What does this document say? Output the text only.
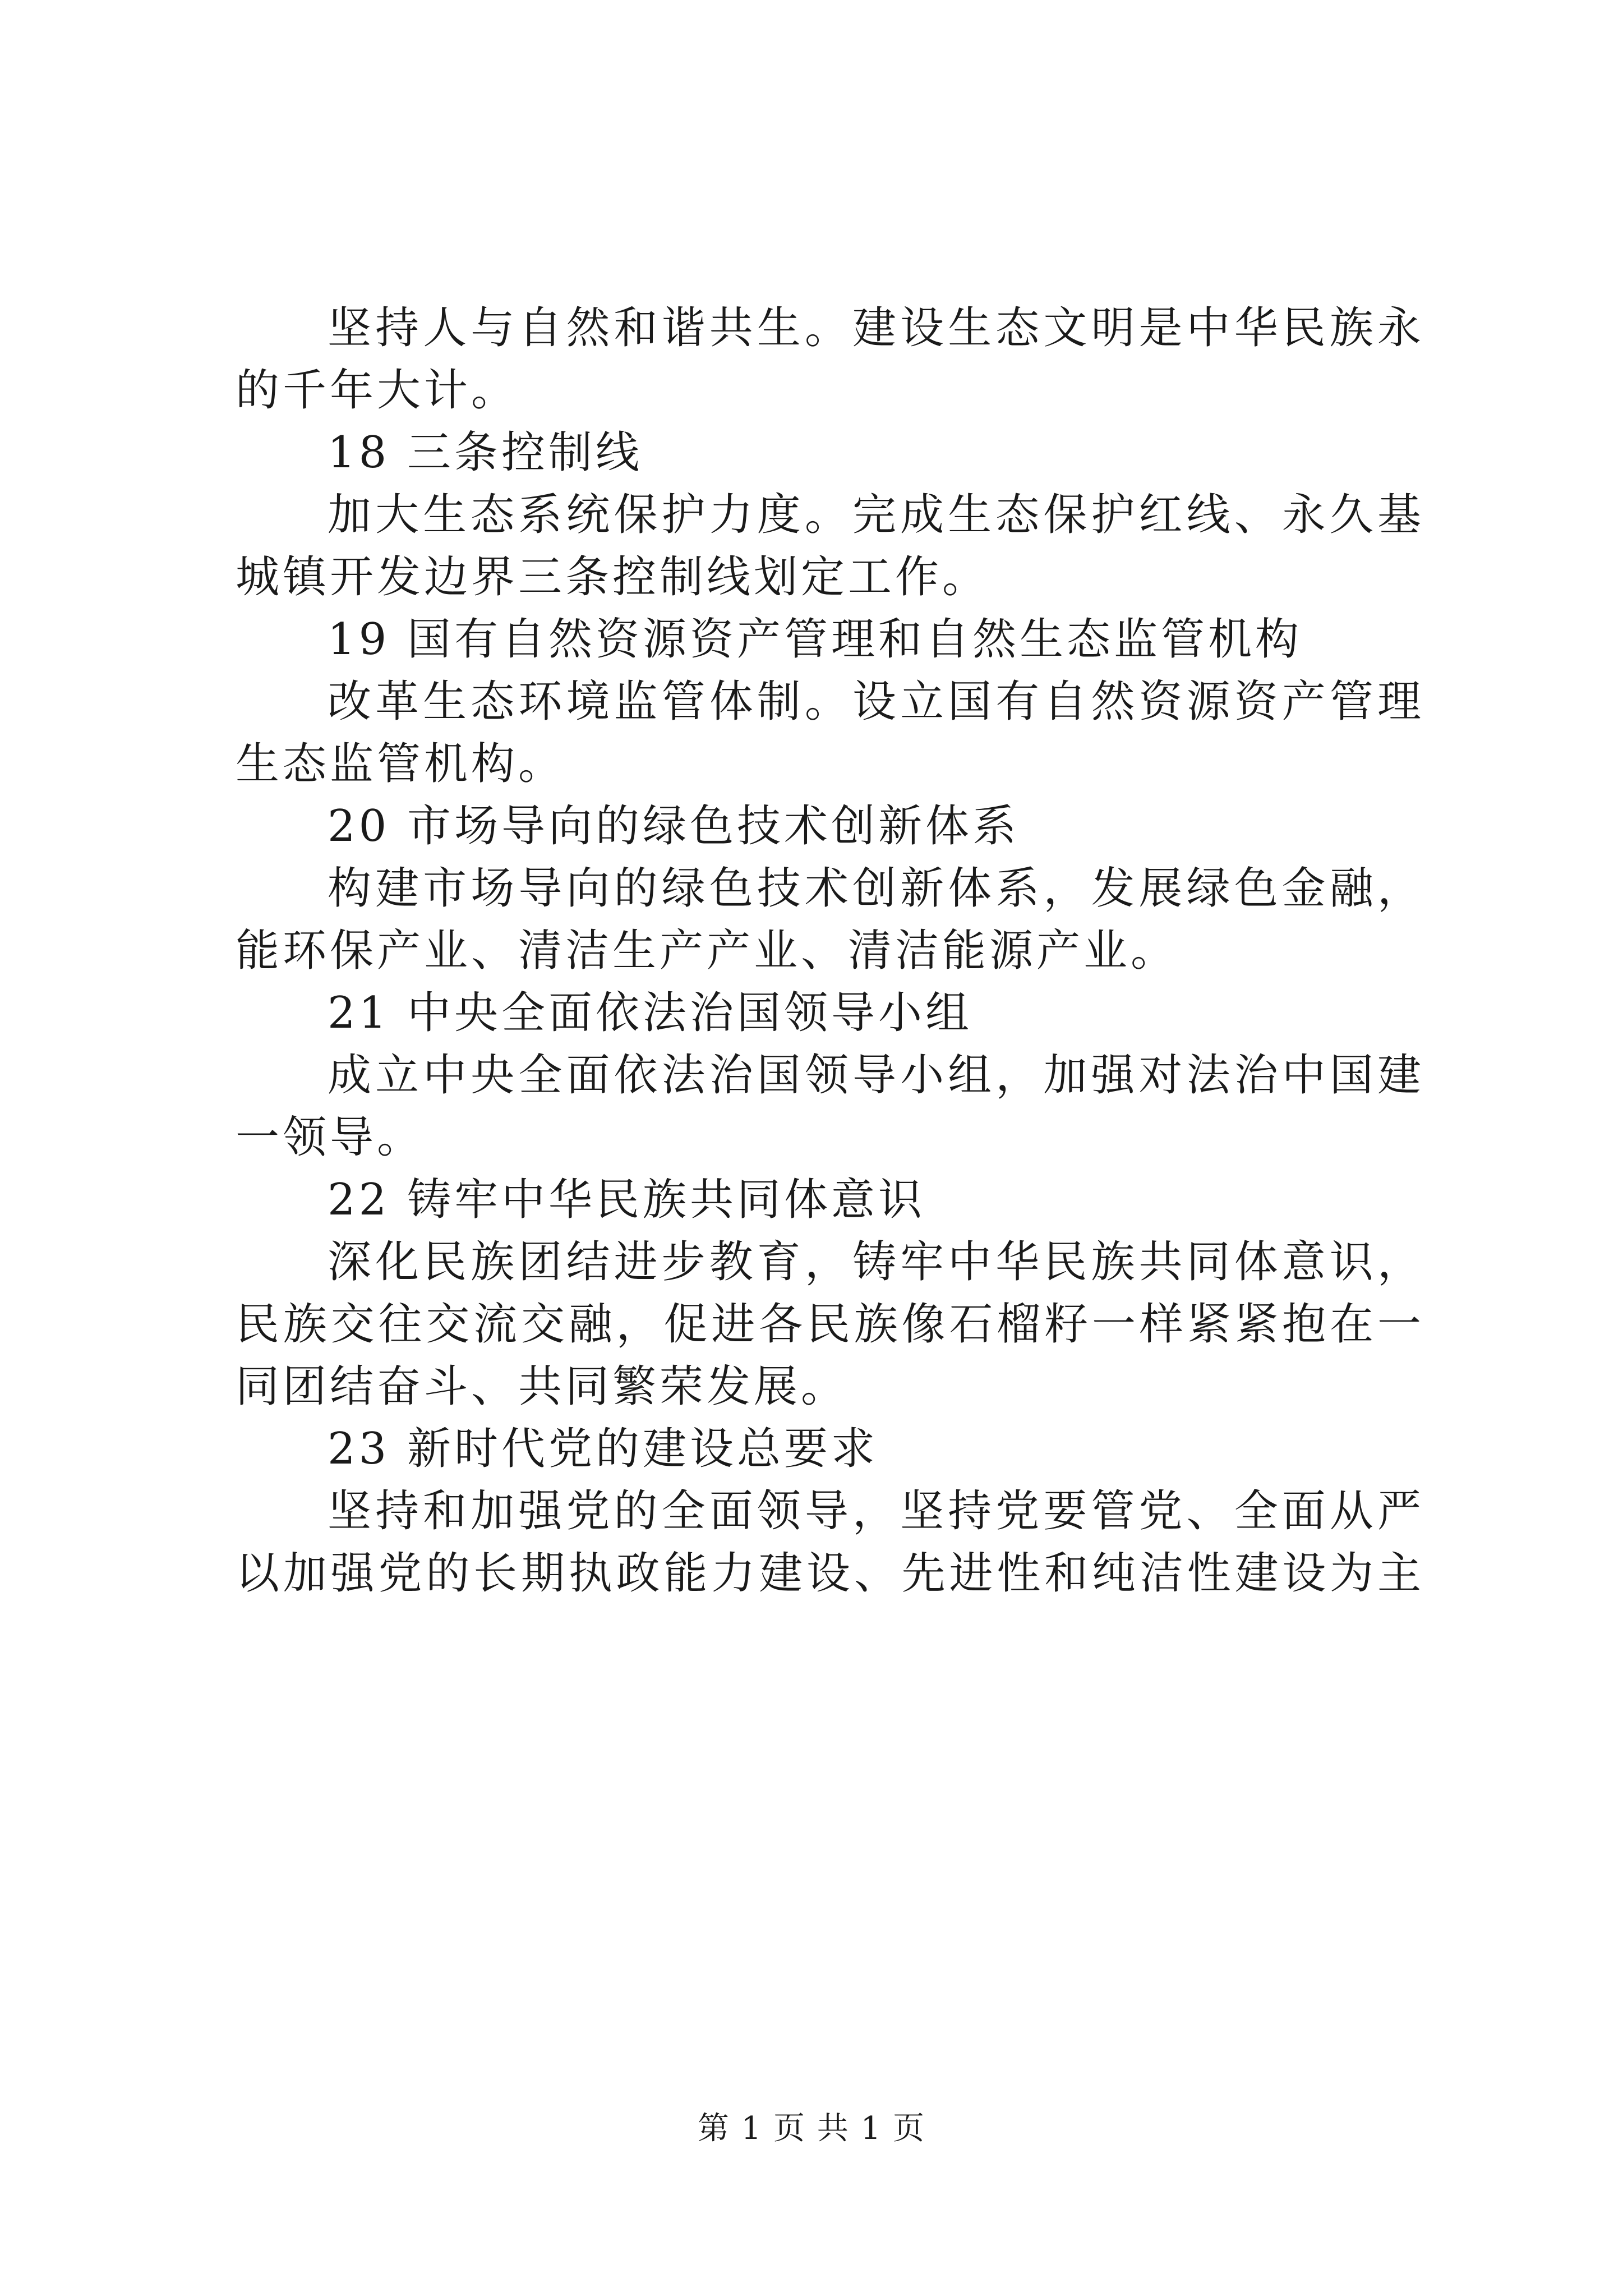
坚持人与自然和谐共生。建设生态文明是中华民族永
的千年大计。
18 三条控制线
加大生态系统保护力度。完成生态保护红线、永久基
城镇开发边界三条控制线划定工作。
19 国有自然资源资产管理和自然生态监管机构
改革生态环境监管体制。设立国有自然资源资产管理
生态监管机构。
20 市场导向的绿色技术创新体系
构建市场导向的绿色技术创新体系，发展绿色金融，
能环保产业、清洁生产产业、清洁能源产业。
21 中央全面依法治国领导小组
成立中央全面依法治国领导小组，加强对法治中国建
一领导。
22 铸牢中华民族共同体意识
深化民族团结进步教育，铸牢中华民族共同体意识，
民族交往交流交融，促进各民族像石榴籽一样紧紧抱在一
同团结奋斗、共同繁荣发展。
23 新时代党的建设总要求
坚持和加强党的全面领导，坚持党要管党、全面从严
以加强党的长期执政能力建设、先进性和纯洁性建设为主
第 1 页 共 1 页
